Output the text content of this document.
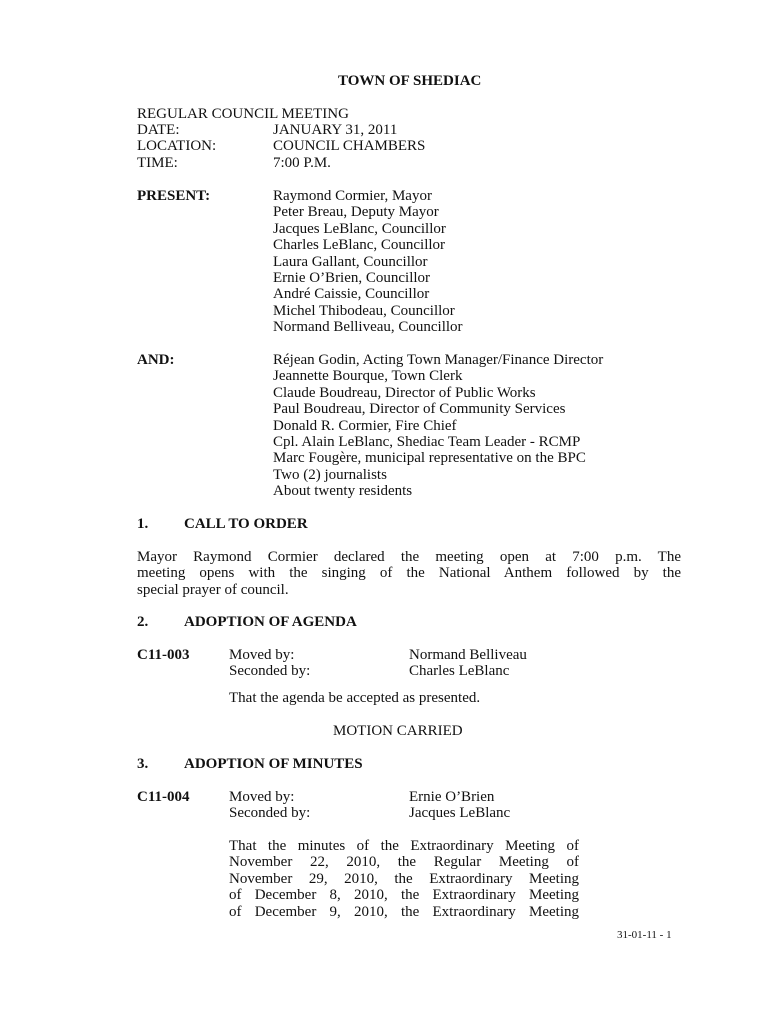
TOWN OF SHEDIAC
REGULAR COUNCIL MEETING
DATE:	JANUARY 31, 2011
LOCATION:	COUNCIL CHAMBERS
TIME:	7:00 P.M.
PRESENT:	Raymond Cormier, Mayor
Peter Breau, Deputy Mayor
Jacques LeBlanc, Councillor
Charles LeBlanc, Councillor
Laura Gallant, Councillor
Ernie O’Brien, Councillor
André Caissie, Councillor
Michel Thibodeau, Councillor
Normand Belliveau, Councillor
AND:	Réjean Godin, Acting Town Manager/Finance Director
Jeannette Bourque, Town Clerk
Claude Boudreau, Director of Public Works
Paul Boudreau, Director of Community Services
Donald R. Cormier, Fire Chief
Cpl. Alain LeBlanc, Shediac Team Leader - RCMP
Marc Fougère, municipal representative on the BPC
Two (2) journalists
About twenty residents
1. CALL TO ORDER
Mayor Raymond Cormier declared the meeting open at 7:00 p.m. The
meeting opens with the singing of the National Anthem followed by the
special prayer of council.
2. ADOPTION OF AGENDA
C11-003	Moved by:	Normand Belliveau
Seconded by:	Charles LeBlanc
That the agenda be accepted as presented.
MOTION CARRIED
3. ADOPTION OF MINUTES
C11-004	Moved by:	Ernie O’Brien
Seconded by:	Jacques LeBlanc
That the minutes of the Extraordinary Meeting of
November 22, 2010, the Regular Meeting of
November 29, 2010, the Extraordinary Meeting
of December 8, 2010, the Extraordinary Meeting
of December 9, 2010, the Extraordinary Meeting
31-01-11 - 1
